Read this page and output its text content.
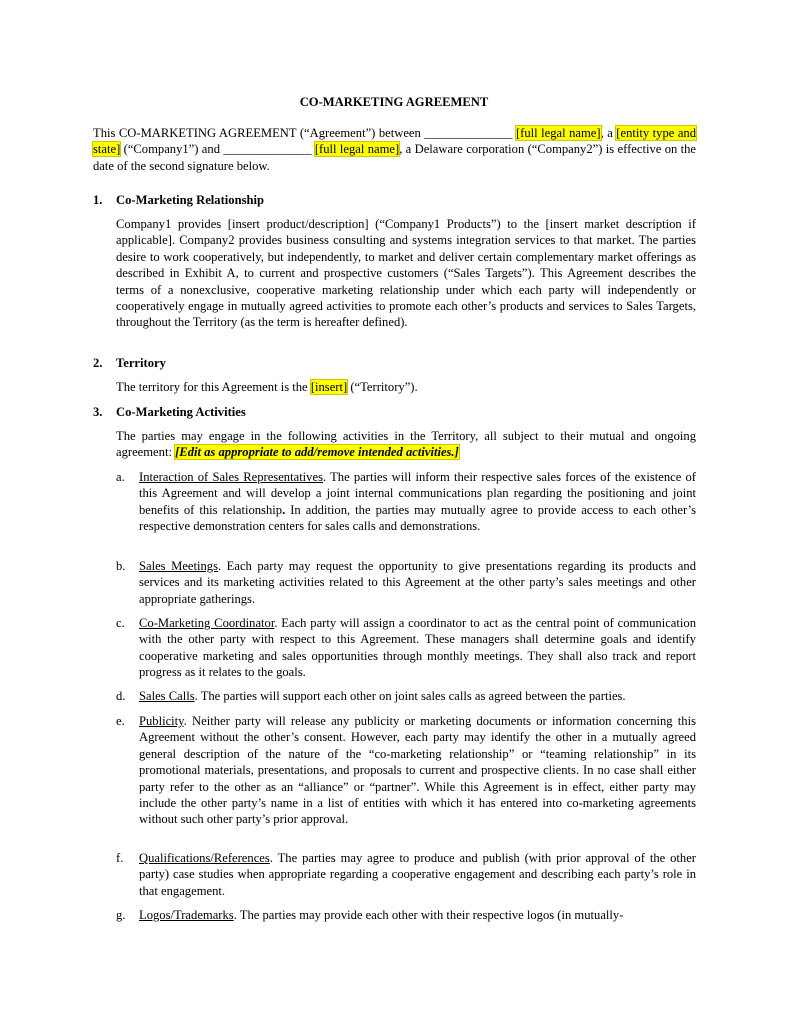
CO-MARKETING AGREEMENT
This CO-MARKETING AGREEMENT (“Agreement”) between ______________ [full legal name], a [entity type and state] (“Company1”) and ______________ [full legal name], a Delaware corporation (“Company2”) is effective on the date of the second signature below.
1. Co-Marketing Relationship
Company1 provides [insert product/description] (“Company1 Products”) to the [insert market description if applicable]. Company2 provides business consulting and systems integration services to that market. The parties desire to work cooperatively, but independently, to market and deliver certain complementary market offerings as described in Exhibit A, to current and prospective customers (“Sales Targets”). This Agreement describes the terms of a nonexclusive, cooperative marketing relationship under which each party will independently or cooperatively engage in mutually agreed activities to promote each other’s products and services to Sales Targets, throughout the Territory (as the term is hereafter defined).
2. Territory
The territory for this Agreement is the [insert] (“Territory”).
3. Co-Marketing Activities
The parties may engage in the following activities in the Territory, all subject to their mutual and ongoing agreement: [Edit as appropriate to add/remove intended activities.]
a. Interaction of Sales Representatives. The parties will inform their respective sales forces of the existence of this Agreement and will develop a joint internal communications plan regarding the positioning and joint benefits of this relationship. In addition, the parties may mutually agree to provide access to each other’s respective demonstration centers for sales calls and demonstrations.
b. Sales Meetings. Each party may request the opportunity to give presentations regarding its products and services and its marketing activities related to this Agreement at the other party’s sales meetings and other appropriate gatherings.
c. Co-Marketing Coordinator. Each party will assign a coordinator to act as the central point of communication with the other party with respect to this Agreement. These managers shall determine goals and identify cooperative marketing and sales opportunities through monthly meetings. They shall also track and report progress as it relates to the goals.
d. Sales Calls. The parties will support each other on joint sales calls as agreed between the parties.
e. Publicity. Neither party will release any publicity or marketing documents or information concerning this Agreement without the other’s consent. However, each party may identify the other in a mutually agreed general description of the nature of the “co-marketing relationship” or “teaming relationship” in its promotional materials, presentations, and proposals to current and prospective clients. In no case shall either party refer to the other as an “alliance” or “partner”. While this Agreement is in effect, either party may include the other party’s name in a list of entities with which it has entered into co-marketing agreements without such other party’s prior approval.
f. Qualifications/References. The parties may agree to produce and publish (with prior approval of the other party) case studies when appropriate regarding a cooperative engagement and describing each party’s role in that engagement.
g. Logos/Trademarks. The parties may provide each other with their respective logos (in mutually-
